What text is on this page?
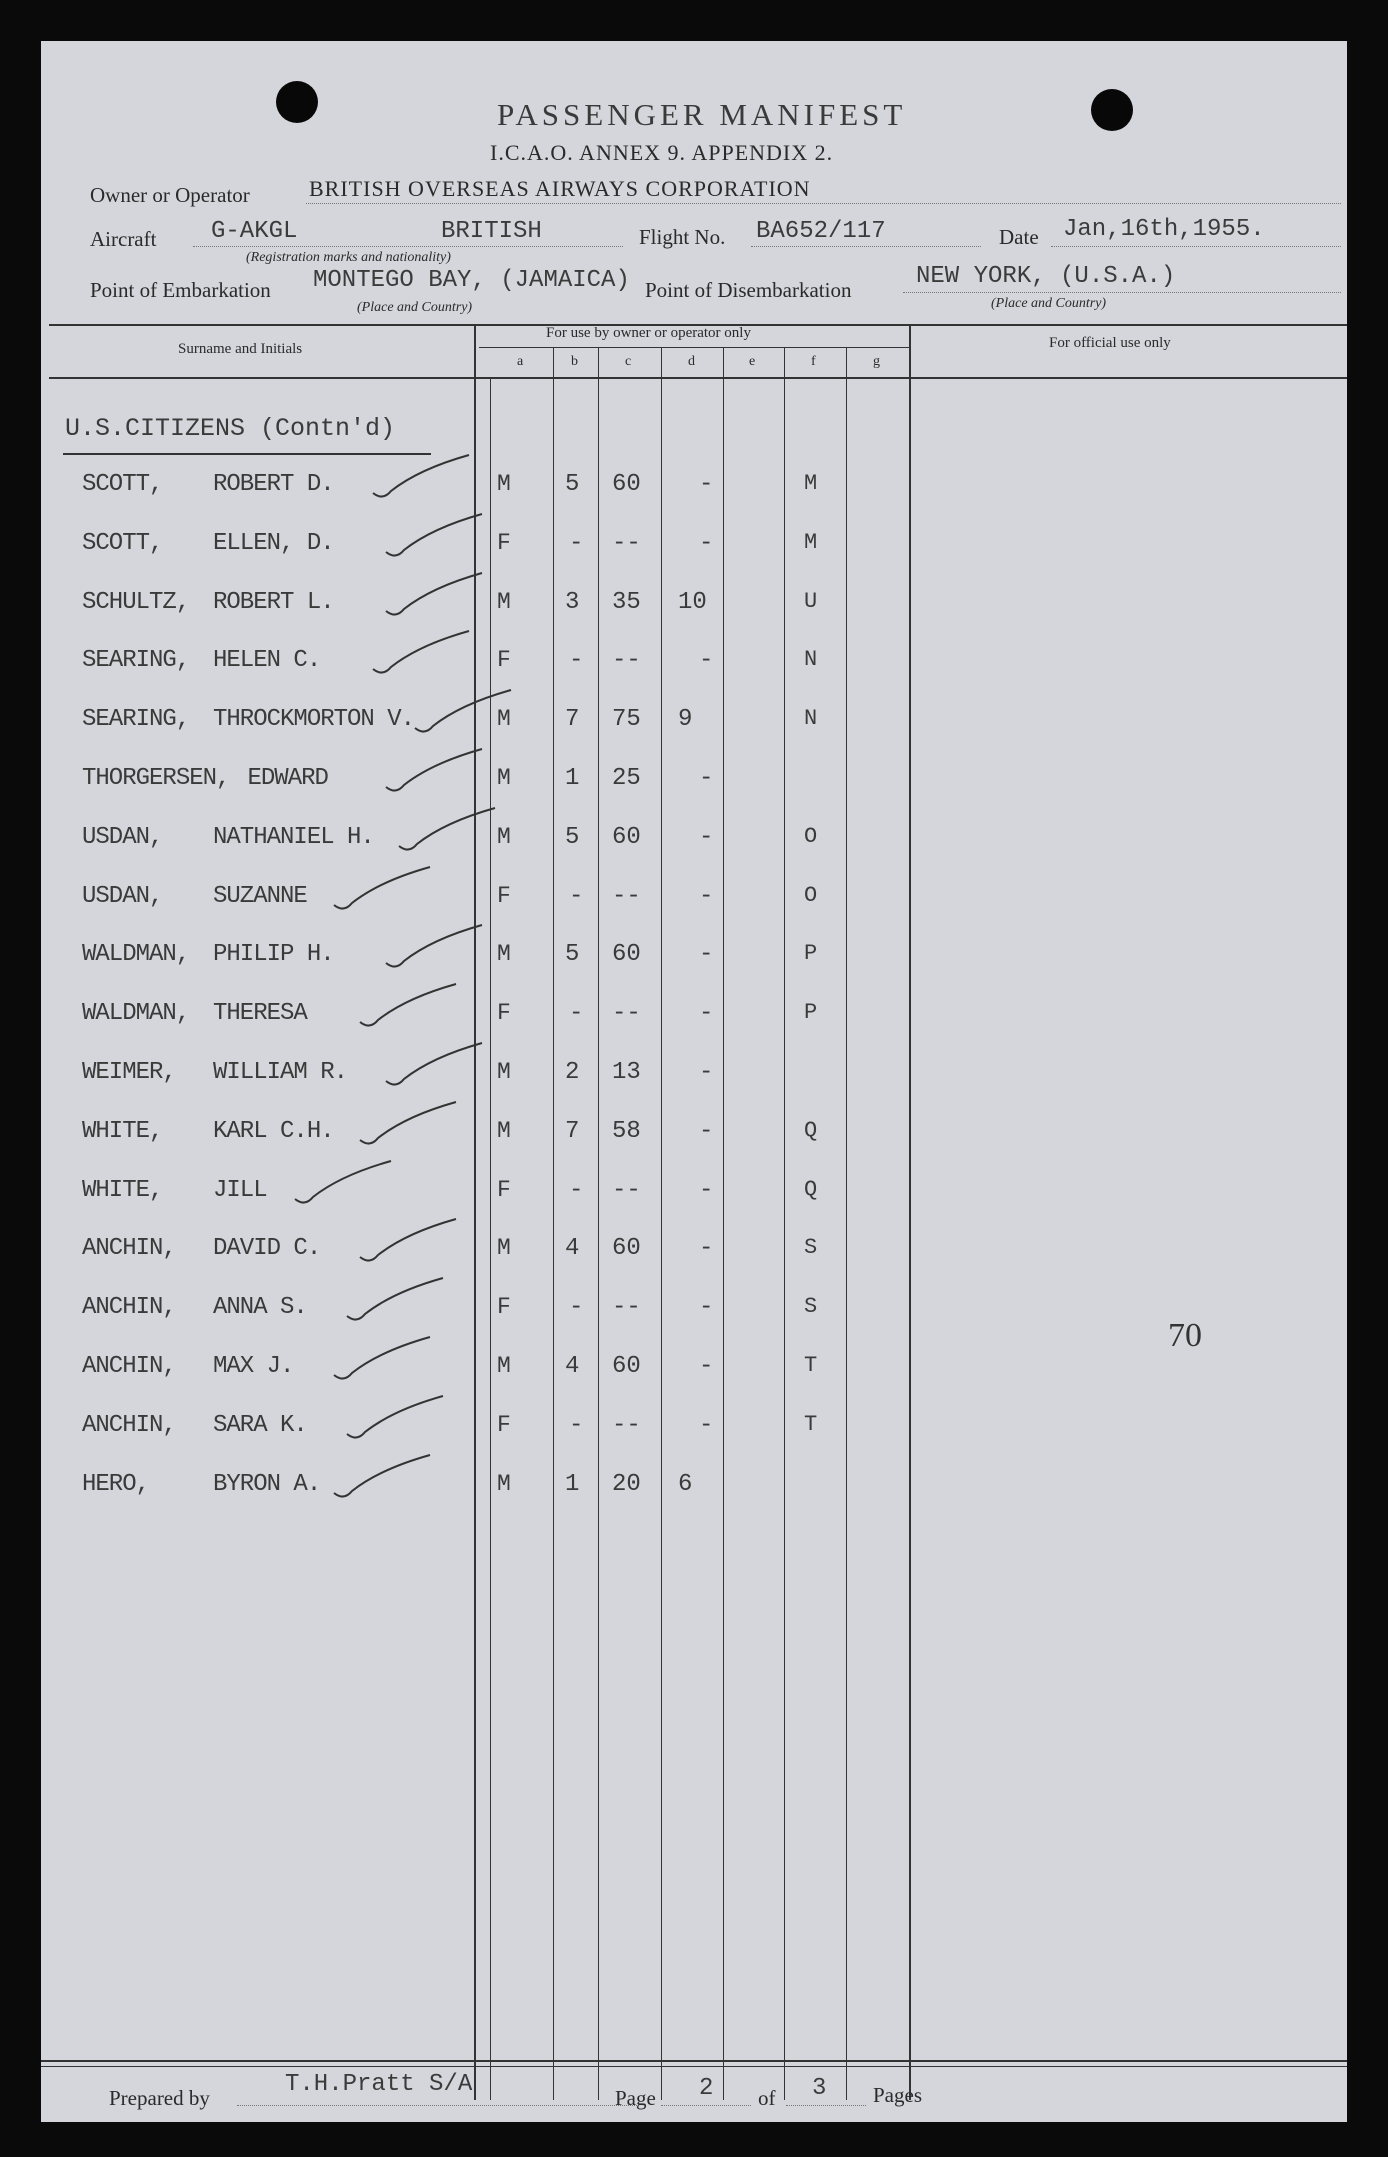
PASSENGER MANIFEST
I.C.A.O. ANNEX 9. APPENDIX 2.
Owner or Operator	BRITISH OVERSEAS AIRWAYS CORPORATION
Aircraft G-AKGL	BRITISH
(Registration marks and nationality)
Flight No. BA652/117	Date Jan,16th,1955.
Point of Embarkation MONTEGO BAY, (JAMAICA)
(Place and Country)
Point of Disembarkation	NEW YORK, (U.S.A.)
(Place and Country)
Surname and Initials
For use by owner or operator only
For official use only
a	b	c	d	e	f	g
U.S.CITIZENS (Contn'd)
SCOTT, ROBERT D.	M 5 60 -	M
SCOTT, ELLEN, D.	F - -- -	M
SCHULTZ, ROBERT L.	M 3 35 10	U
SEARING, HELEN C.	F - -- -	N
SEARING, THROCKMORTON V.	M 7 75 9	N
THORGERSEN, EDWARD	M 1 25 -
USDAN, NATHANIEL H.	M 5 60 -	O
USDAN, SUZANNE	F - -- -	O
WALDMAN, PHILIP H.	M 5 60 -	P
WALDMAN, THERESA	F - -- -	P
WEIMER, WILLIAM R.	M 2 13 -
WHITE, KARL C.H.	M 7 58 -	Q
WHITE, JILL	F - -- -	Q
ANCHIN, DAVID C.	M 4 60 -	S
ANCHIN, ANNA S.	F - -- -	S
ANCHIN, MAX J.	M 4 60 -	T
ANCHIN, SARA K.	F - -- -	T
HERO,	BYRON A.	M 1 20 6
70
Prepared by	T.H.Pratt S/A	Page 2 of 3 Pages
